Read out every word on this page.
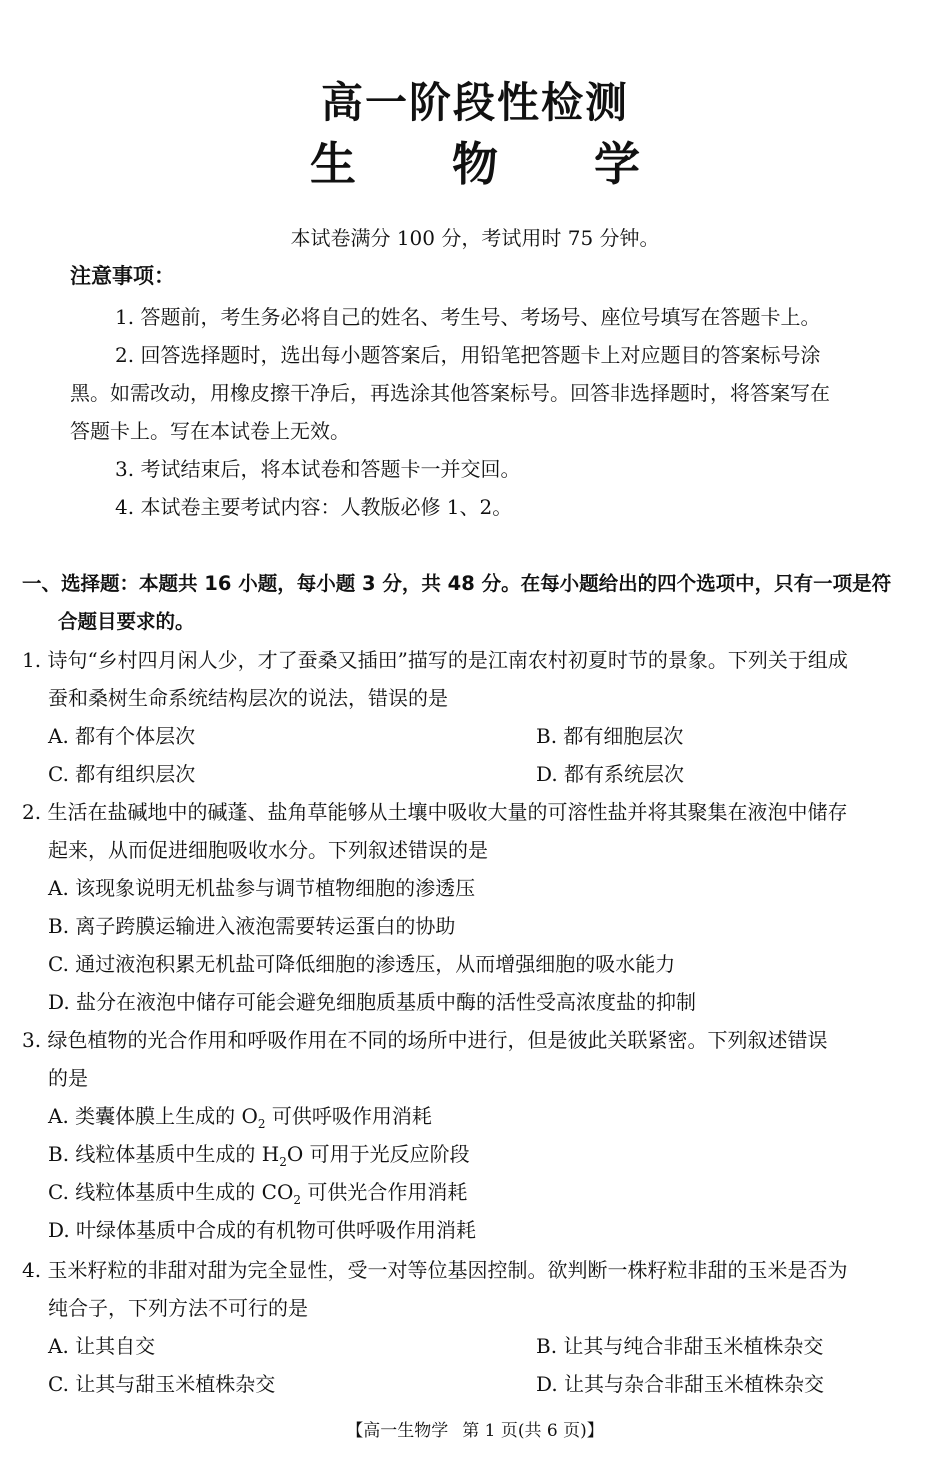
高一阶段性检测
生 物 学
本试卷满分 100 分，考试用时 75 分钟。
注意事项：
1. 答题前，考生务必将自己的姓名、考生号、考场号、座位号填写在答题卡上。
2. 回答选择题时，选出每小题答案后，用铅笔把答题卡上对应题目的答案标号涂
黑。如需改动，用橡皮擦干净后，再选涂其他答案标号。回答非选择题时，将答案写在
答题卡上。写在本试卷上无效。
3. 考试结束后，将本试卷和答题卡一并交回。
4. 本试卷主要考试内容：人教版必修 1、2。
一、选择题：本题共 16 小题，每小题 3 分，共 48 分。在每小题给出的四个选项中，只有一项是符
合题目要求的。
1. 诗句“乡村四月闲人少，才了蚕桑又插田”描写的是江南农村初夏时节的景象。下列关于组成
蚕和桑树生命系统结构层次的说法，错误的是
A. 都有个体层次	B. 都有细胞层次
C. 都有组织层次	D. 都有系统层次
2. 生活在盐碱地中的碱蓬、盐角草能够从土壤中吸收大量的可溶性盐并将其聚集在液泡中储存
起来，从而促进细胞吸收水分。下列叙述错误的是
A. 该现象说明无机盐参与调节植物细胞的渗透压
B. 离子跨膜运输进入液泡需要转运蛋白的协助
C. 通过液泡积累无机盐可降低细胞的渗透压，从而增强细胞的吸水能力
D. 盐分在液泡中储存可能会避免细胞质基质中酶的活性受高浓度盐的抑制
3. 绿色植物的光合作用和呼吸作用在不同的场所中进行，但是彼此关联紧密。下列叙述错误
的是
A. 类囊体膜上生成的 $O_2$ 可供呼吸作用消耗
B. 线粒体基质中生成的 $H_2O$ 可用于光反应阶段
C. 线粒体基质中生成的 $CO_2$ 可供光合作用消耗
D. 叶绿体基质中合成的有机物可供呼吸作用消耗
4. 玉米籽粒的非甜对甜为完全显性，受一对等位基因控制。欲判断一株籽粒非甜的玉米是否为
纯合子，下列方法不可行的是
A. 让其自交	B. 让其与纯合非甜玉米植株杂交
C. 让其与甜玉米植株杂交	D. 让其与杂合非甜玉米植株杂交
【高一生物学 第 1 页(共 6 页)】
